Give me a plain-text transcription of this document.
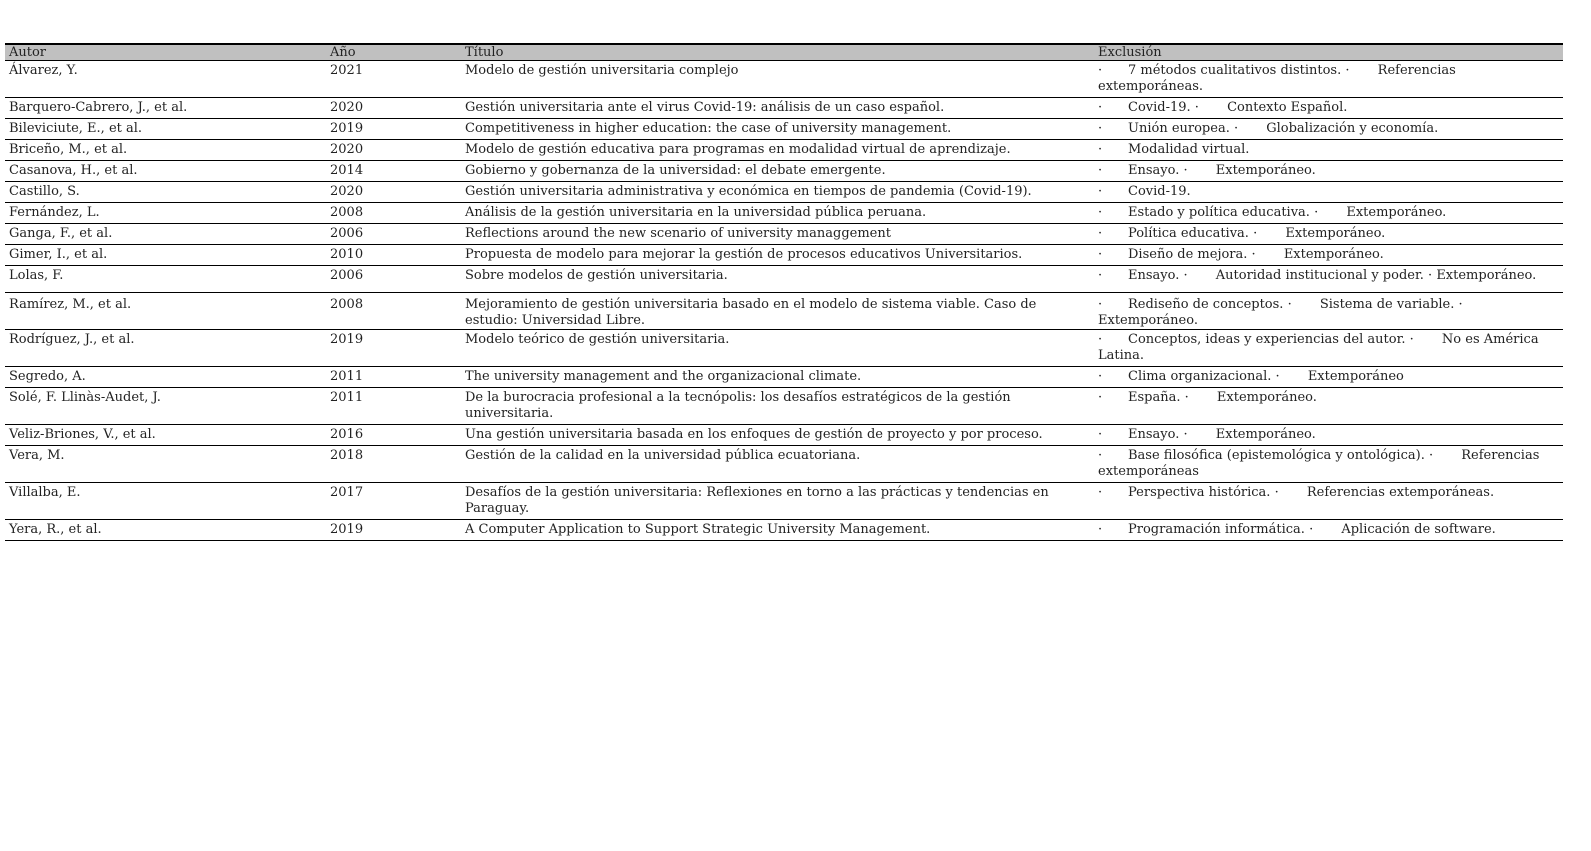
Autor	Año	Título	Exclusión
Álvarez, Y.	2021	Modelo de gestión universitaria complejo	· 7 métodos cualitativos distintos. · Referencias extemporáneas.
Barquero-Cabrero, J., et al.	2020	Gestión universitaria ante el virus Covid-19: análisis de un caso español.	· Covid-19. · Contexto Español.
Bileviciute, E., et al.	2019	Competitiveness in higher education: the case of university management.	· Unión europea. · Globalización y economía.
Briceño, M., et al.	2020	Modelo de gestión educativa para programas en modalidad virtual de aprendizaje.	· Modalidad virtual.
Casanova, H., et al.	2014	Gobierno y gobernanza de la universidad: el debate emergente.	· Ensayo. · Extemporáneo.
Castillo, S.	2020	Gestión universitaria administrativa y económica en tiempos de pandemia (Covid-19).	· Covid-19.
Fernández, L.	2008	Análisis de la gestión universitaria en la universidad pública peruana.	· Estado y política educativa. · Extemporáneo.
Ganga, F., et al.	2006	Reflections around the new scenario of university managgement	· Política educativa. · Extemporáneo.
Gimer, I., et al.	2010	Propuesta de modelo para mejorar la gestión de procesos educativos Universitarios.	· Diseño de mejora. · Extemporáneo.
Lolas, F.	2006	Sobre modelos de gestión universitaria.	· Ensayo. · Autoridad institucional y poder. · Extemporáneo.
Ramírez, M., et al.	2008	Mejoramiento de gestión universitaria basado en el modelo de sistema viable. Caso de estudio: Universidad Libre.	· Rediseño de conceptos. · Sistema de variable. · Extemporáneo.
Rodríguez, J., et al.	2019	Modelo teórico de gestión universitaria.	· Conceptos, ideas y experiencias del autor. · No es América Latina.
Segredo, A.	2011	The university management and the organizacional climate.	· Clima organizacional. · Extemporáneo
Solé, F. Llinàs-Audet, J.	2011	De la burocracia profesional a la tecnópolis: los desafíos estratégicos de la gestión universitaria.	· España. · Extemporáneo.
Veliz-Briones, V., et al.	2016	Una gestión universitaria basada en los enfoques de gestión de proyecto y por proceso.	· Ensayo. · Extemporáneo.
Vera, M.	2018	Gestión de la calidad en la universidad pública ecuatoriana.	· Base filosófica (epistemológica y ontológica). · Referencias extemporáneas
Villalba, E.	2017	Desafíos de la gestión universitaria: Reflexiones en torno a las prácticas y tendencias en Paraguay.	· Perspectiva histórica. · Referencias extemporáneas.
Yera, R., et al.	2019	A Computer Application to Support Strategic University Management.	· Programación informática. · Aplicación de software.
